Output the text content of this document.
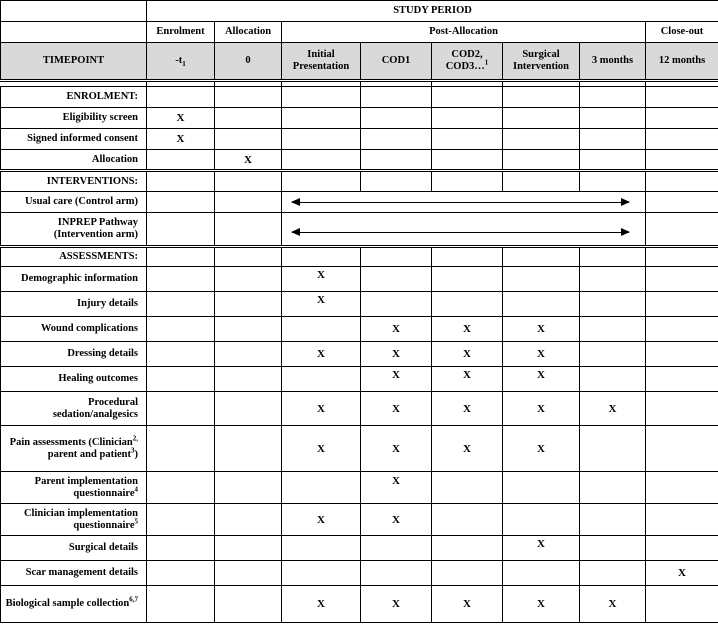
	STUDY PERIOD							
	Enrolment	Allocation	Post-Allocation					Close-out
TIMEPOINT	$-t_1$	0	Initial Presentation	COD1	COD2, COD3…$^1$	Surgical Intervention	3 months	12 months

ENROLMENT:								
Eligibility screen	X							
Signed informed consent	X							
Allocation		X						
INTERVENTIONS:								
Usual care (Control arm)							

INPREP Pathway (Intervention arm)							

ASSESSMENTS:								
Demographic information			X					
Injury details			X					
Wound complications				X	X	X		
Dressing details			X	X	X	X		
Healing outcomes				X	X	X		
Procedural sedation/analgesics			X	X	X	X	X	
Pain assessments (Clinician$^{2,}$ parent and patient$^3$)			X	X	X	X		
Parent implementation questionnaire$^4$				X				
Clinician implementation questionnaire$^5$			X	X				
Surgical details						X		
Scar management details								X
Biological sample collection$^{6,7}$			X	X	X	X	X	
